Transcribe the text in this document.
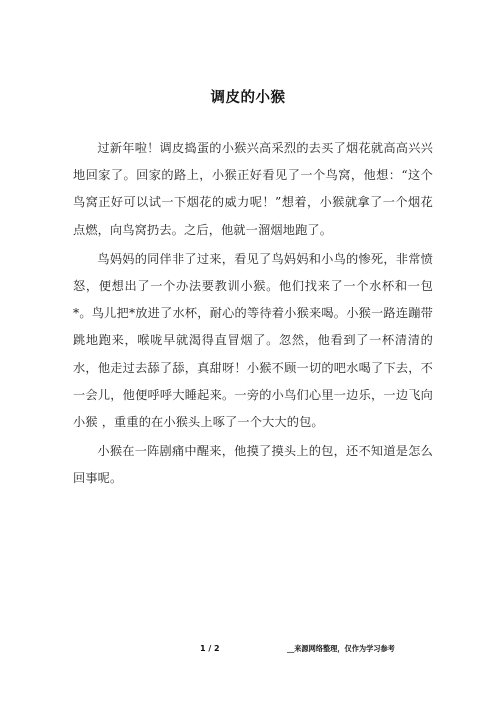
调皮的小猴

过新年啦！调皮捣蛋的小猴兴高采烈的去买了烟花就高高兴兴地回家了。回家的路上，小猴正好看见了一个鸟窝，他想：“这个鸟窝正好可以试一下烟花的威力呢！”想着，小猴就拿了一个烟花点燃，向鸟窝扔去。之后，他就一溜烟地跑了。

鸟妈妈的同伴非了过来，看见了鸟妈妈和小鸟的惨死，非常愤怒，便想出了一个办法要教训小猴。他们找来了一个水杯和一包*。鸟儿把*放进了水杯，耐心的等待着小猴来喝。小猴一路连蹦带跳地跑来，喉咙早就渴得直冒烟了。忽然，他看到了一杯清清的水，他走过去舔了舔，真甜呀！小猴不顾一切的吧水喝了下去，不一会儿，他便呼呼大睡起来。一旁的小鸟们心里一边乐，一边飞向小猴 ，重重的在小猴头上啄了一个大大的包。

小猴在一阵剧痛中醒来，他摸了摸头上的包，还不知道是怎么回事呢。

1 / 2	__来源网络整理，仅作为学习参考
